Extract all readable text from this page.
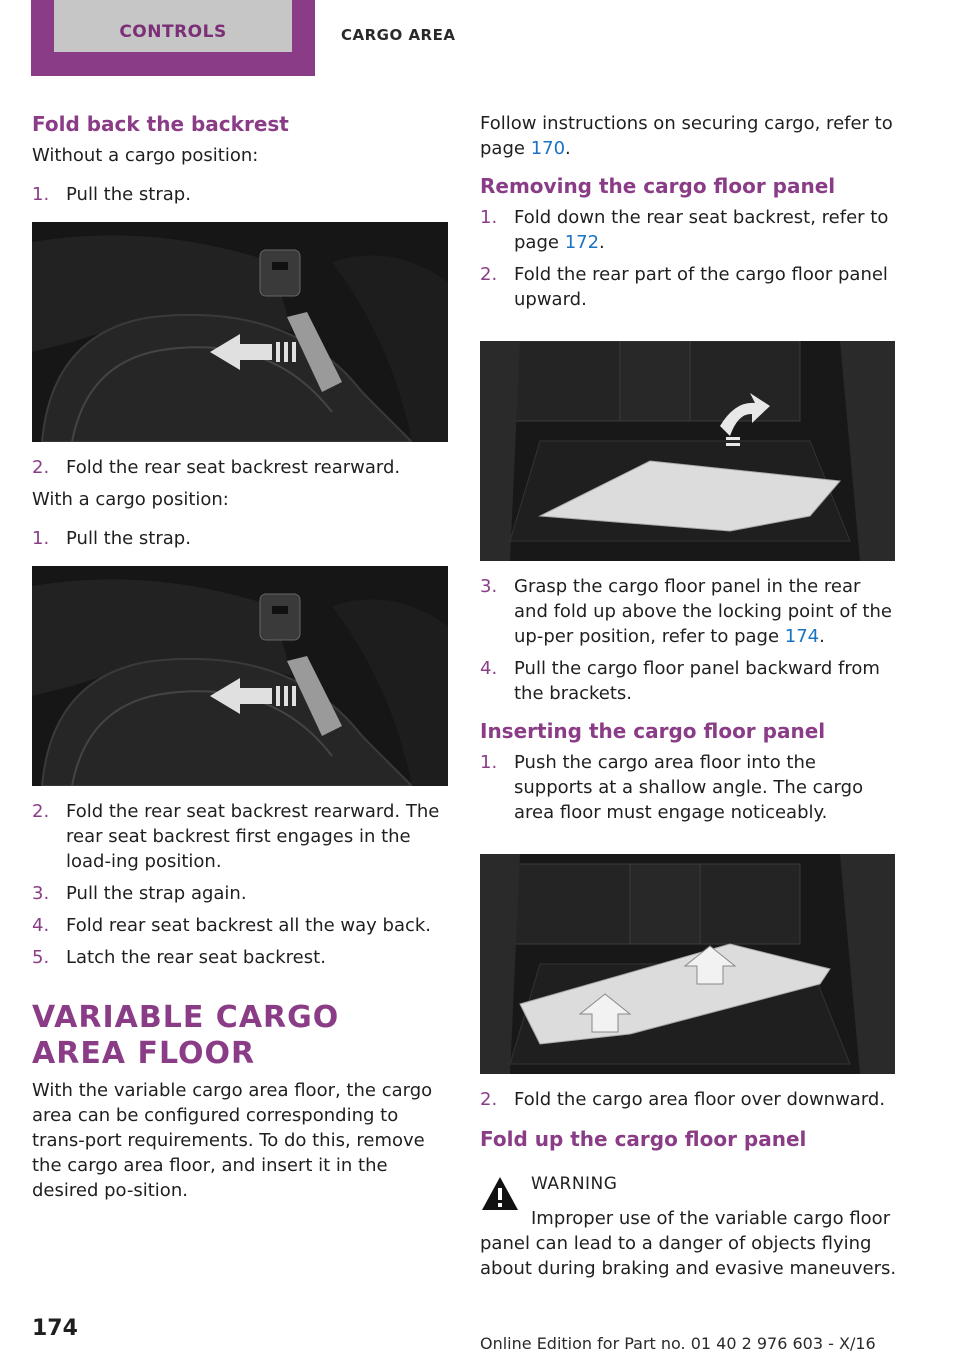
CONTROLS	CARGO AREA
Fold back the backrest

Without a cargo position:

1. Pull the strap.
2. Fold the rear seat backrest rearward.

With a cargo position:

1. Pull the strap.
2. Fold the rear seat backrest rearward. The rear seat backrest first engages in the load-ing position.
3. Pull the strap again.
4. Fold rear seat backrest all the way back.
5. Latch the rear seat backrest.
VARIABLE CARGO AREA FLOOR

With the variable cargo area floor, the cargo area can be configured corresponding to trans-port requirements. To do this, remove the cargo area floor, and insert it in the desired po-sition.

Follow instructions on securing cargo, refer to page 170.

Removing the cargo floor panel
1. Fold down the rear seat backrest, refer to page 172.
2. Fold the rear part of the cargo floor panel upward.
3. Grasp the cargo floor panel in the rear and fold up above the locking point of the up-per position, refer to page 174.
4. Pull the cargo floor panel backward from the brackets.
Inserting the cargo floor panel
1. Push the cargo area floor into the supports at a shallow angle. The cargo area floor must engage noticeably.
2. Fold the cargo area floor over downward.
Fold up the cargo floor panel
WARNING
Improper use of the variable cargo floor
panel can lead to a danger of objects flying about during braking and evasive maneuvers.
174
Online Edition for Part no. 01 40 2 976 603 - X/16
